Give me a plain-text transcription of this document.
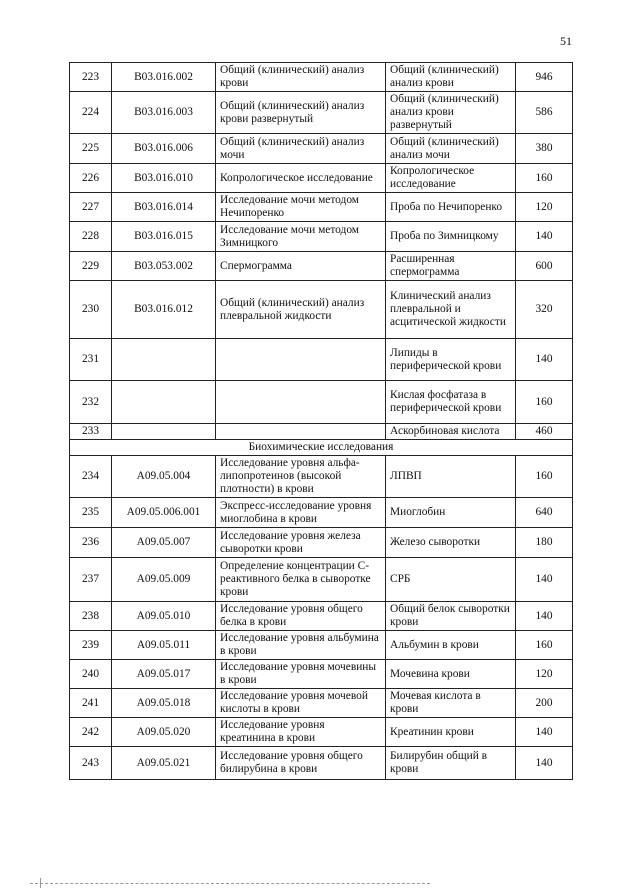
51
223	B03.016.002	Общий (клинический) анализ крови	Общий (клинический) анализ крови	946
224	B03.016.003	Общий (клинический) анализ крови развернутый	Общий (клинический) анализ крови развернутый	586
225	B03.016.006	Общий (клинический) анализ мочи	Общий (клинический) анализ мочи	380
226	B03.016.010	Копрологическое исследование	Копрологическое исследование	160
227	B03.016.014	Исследование мочи методом Нечипоренко	Проба по Нечипоренко	120
228	B03.016.015	Исследование мочи методом Зимницкого	Проба по Зимницкому	140
229	B03.053.002	Спермограмма	Расширенная спермограмма	600
230	B03.016.012	Общий (клинический) анализ плевральной жидкости	Клинический анализ плевральной и асцитической жидкости	320
231			Липиды в периферической крови	140
232			Кислая фосфатаза в периферической крови	160
233			Аскорбиновая кислота	460
Биохимические исследования				
234	A09.05.004	Исследование уровня альфа-липопротеинов (высокой плотности) в крови	ЛПВП	160
235	A09.05.006.001	Экспресс-исследование уровня миоглобина в крови	Миоглобин	640
236	A09.05.007	Исследование уровня железа сыворотки крови	Железо сыворотки	180
237	A09.05.009	Определение концентрации С-реактивного белка в сыворотке крови	СРБ	140
238	A09.05.010	Исследование уровня общего белка в крови	Общий белок сыворотки крови	140
239	A09.05.011	Исследование уровня альбумина в крови	Альбумин в крови	160
240	A09.05.017	Исследование уровня мочевины в крови	Мочевина крови	120
241	A09.05.018	Исследование уровня мочевой кислоты в крови	Мочевая кислота в крови	200
242	A09.05.020	Исследование уровня креатинина в крови	Креатинин крови	140
243	A09.05.021	Исследование уровня общего билирубина в крови	Билирубин общий в крови	140
